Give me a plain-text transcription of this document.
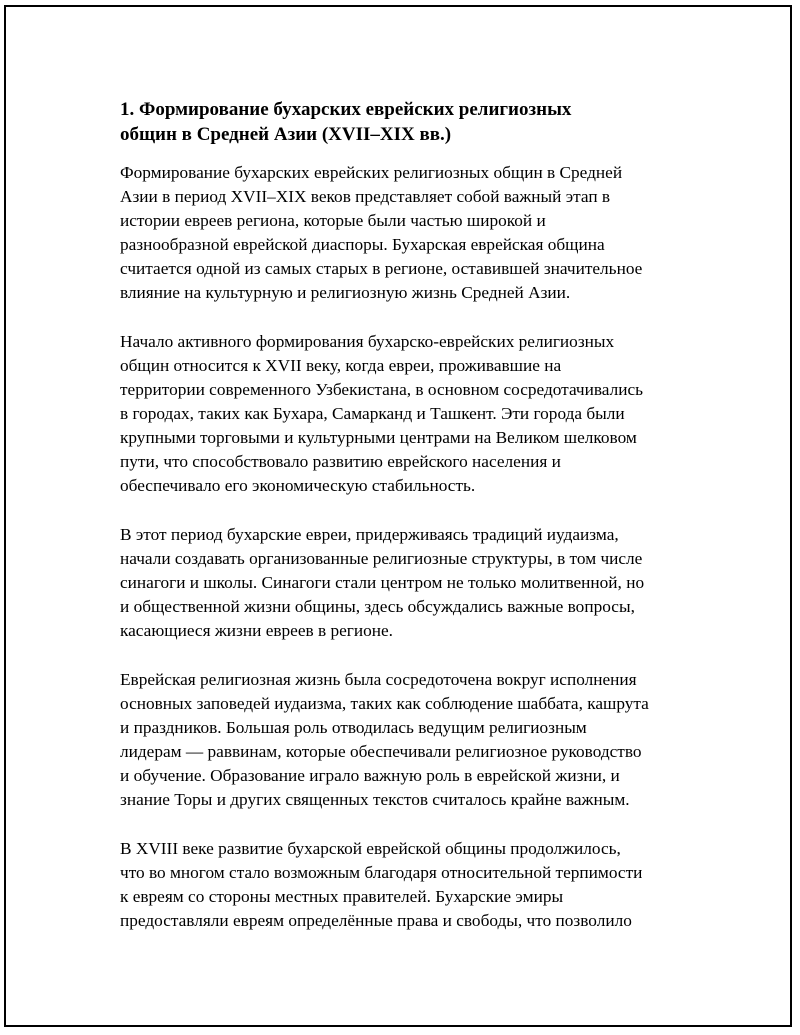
1. Формирование бухарских еврейских религиозных
общин в Средней Азии (XVII–XIX вв.)

Формирование бухарских еврейских религиозных общин в Средней
Азии в период XVII–XIX веков представляет собой важный этап в
истории евреев региона, которые были частью широкой и
разнообразной еврейской диаспоры. Бухарская еврейская община
считается одной из самых старых в регионе, оставившей значительное
влияние на культурную и религиозную жизнь Средней Азии.

Начало активного формирования бухарско-еврейских религиозных
общин относится к XVII веку, когда евреи, проживавшие на
территории современного Узбекистана, в основном сосредотачивались
в городах, таких как Бухара, Самарканд и Ташкент. Эти города были
крупными торговыми и культурными центрами на Великом шелковом
пути, что способствовало развитию еврейского населения и
обеспечивало его экономическую стабильность.

В этот период бухарские евреи, придерживаясь традиций иудаизма,
начали создавать организованные религиозные структуры, в том числе
синагоги и школы. Синагоги стали центром не только молитвенной, но
и общественной жизни общины, здесь обсуждались важные вопросы,
касающиеся жизни евреев в регионе.

Еврейская религиозная жизнь была сосредоточена вокруг исполнения
основных заповедей иудаизма, таких как соблюдение шаббата, кашрута
и праздников. Большая роль отводилась ведущим религиозным
лидерам — раввинам, которые обеспечивали религиозное руководство
и обучение. Образование играло важную роль в еврейской жизни, и
знание Торы и других священных текстов считалось крайне важным.

В XVIII веке развитие бухарской еврейской общины продолжилось,
что во многом стало возможным благодаря относительной терпимости
к евреям со стороны местных правителей. Бухарские эмиры
предоставляли евреям определённые права и свободы, что позволило
